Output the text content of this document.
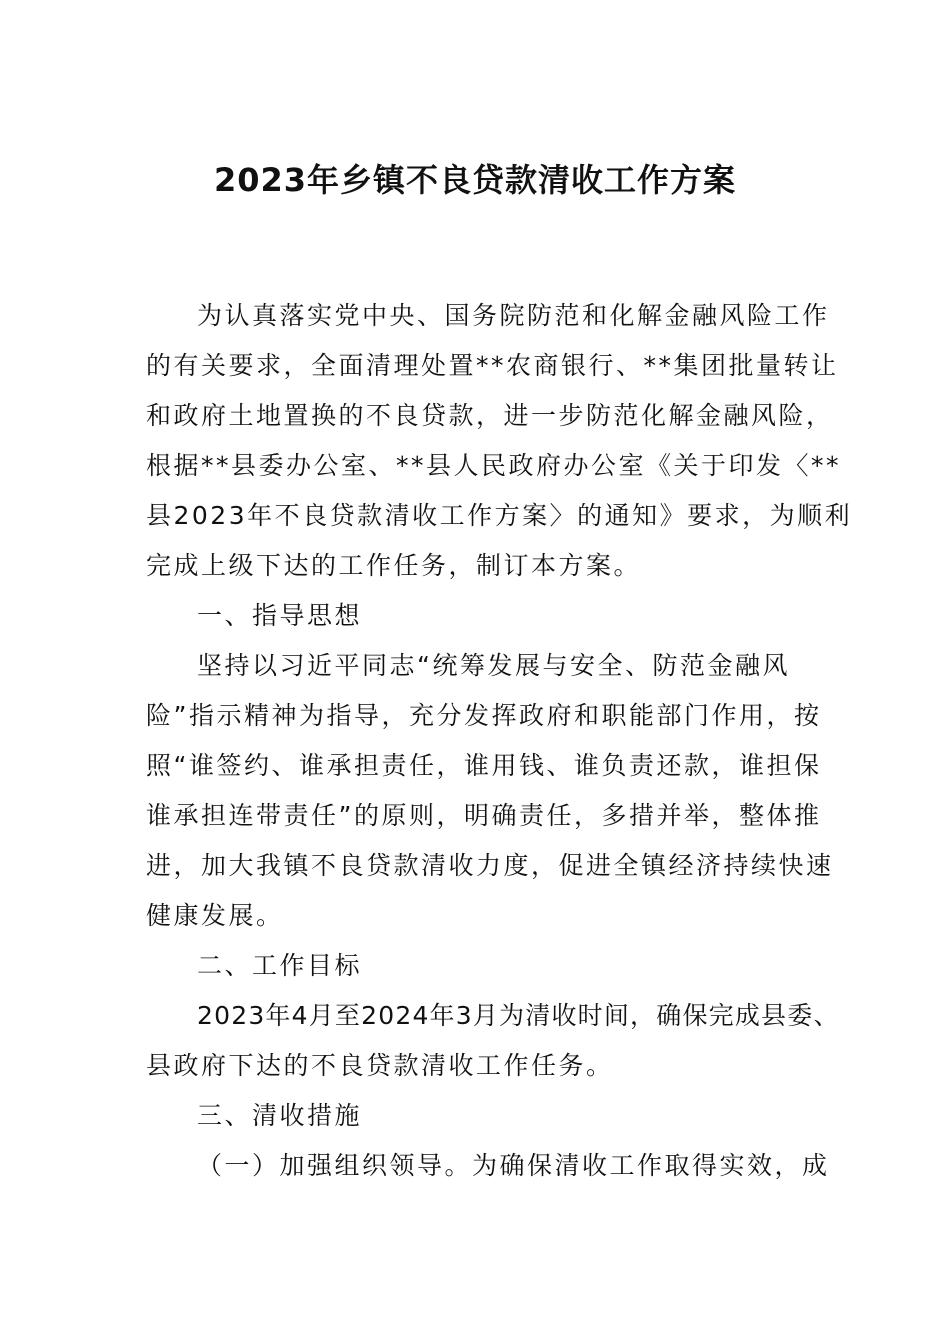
2023年乡镇不良贷款清收工作方案
为认真落实党中央、国务院防范和化解金融风险工作
的有关要求，全面清理处置**农商银行、**集团批量转让
和政府土地置换的不良贷款，进一步防范化解金融风险，
根据**县委办公室、**县人民政府办公室《关于印发〈**
县2023年不良贷款清收工作方案〉的通知》要求，为顺利
完成上级下达的工作任务，制订本方案。
一、指导思想
坚持以习近平同志“统筹发展与安全、防范金融风
险”指示精神为指导，充分发挥政府和职能部门作用，按
照“谁签约、谁承担责任，谁用钱、谁负责还款，谁担保
谁承担连带责任”的原则，明确责任，多措并举，整体推
进，加大我镇不良贷款清收力度，促进全镇经济持续快速
健康发展。
二、工作目标
2023年4月至2024年3月为清收时间，确保完成县委、
县政府下达的不良贷款清收工作任务。
三、清收措施
（一）加强组织领导。为确保清收工作取得实效，成
